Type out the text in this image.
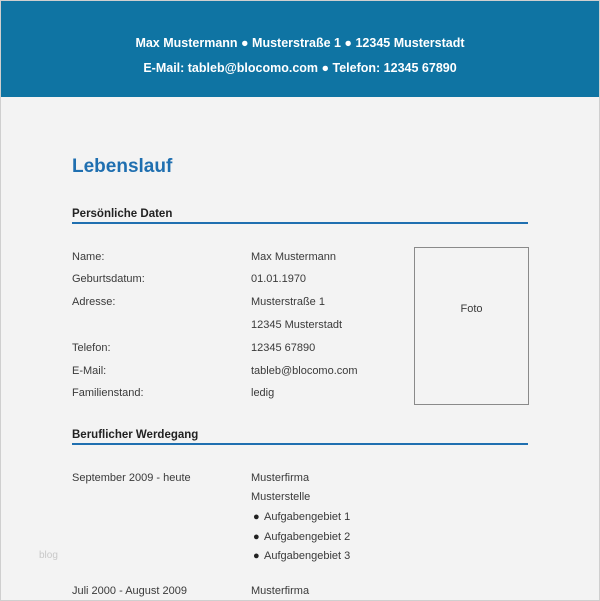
Max Mustermann ● Musterstraße 1 ● 12345 Musterstadt
E-Mail: tableb@blocomo.com ● Telefon: 12345 67890
Lebenslauf
Persönliche Daten
Name:	Max Mustermann
Geburtsdatum:	01.01.1970
Adresse:	Musterstraße 1
12345 Musterstadt
Telefon:	12345 67890
E-Mail:	tableb@blocomo.com
Familienstand:	ledig
Foto
Beruflicher Werdegang
September 2009 - heute	Musterfirma
Musterstelle
● Aufgabengebiet 1
● Aufgabengebiet 2
● Aufgabengebiet 3
Juli 2000 - August 2009	Musterfirma
blog
